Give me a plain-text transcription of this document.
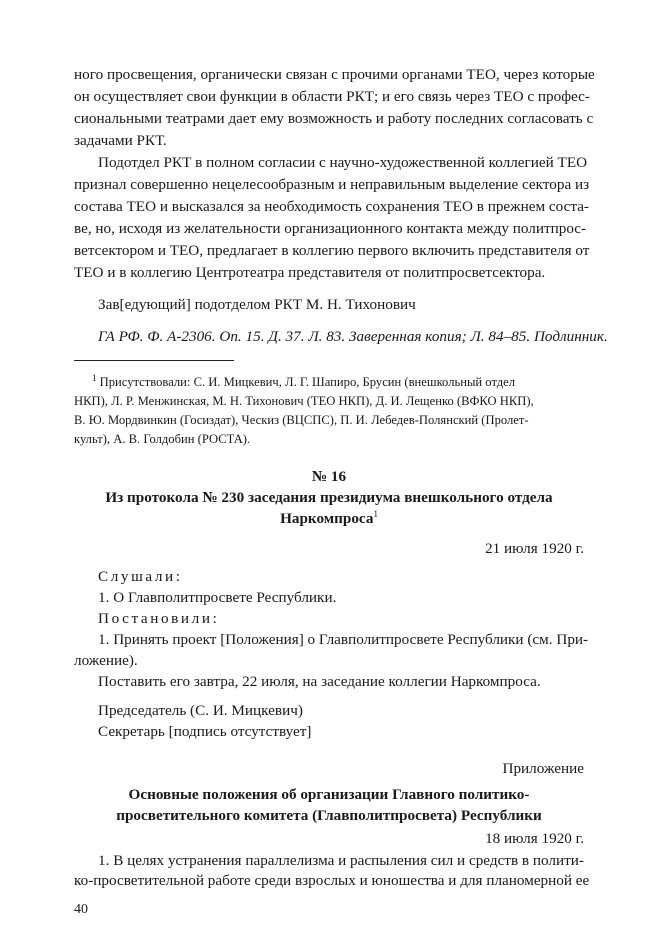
ного просвещения, органически связан с прочими органами ТЕО, через которые
он осуществляет свои функции в области РКТ; и его связь через ТЕО с профес-
сиональными театрами дает ему возможность и работу последних согласовать с
задачами РКТ.
Подотдел РКТ в полном согласии с научно-художественной коллегией ТЕО
признал совершенно нецелесообразным и неправильным выделение сектора из
состава ТЕО и высказался за необходимость сохранения ТЕО в прежнем соста-
ве, но, исходя из желательности организационного контакта между политпрос-
ветсектором и ТЕО, предлагает в коллегию первого включить представителя от
ТЕО и в коллегию Центротеатра представителя от политпросветсектора.
Зав[едующий] подотделом РКТ М. Н. Тихонович
ГА РФ. Ф. А-2306. Оп. 15. Д. 37. Л. 83. Заверенная копия; Л. 84–85. Подлинник.
$^1$ Присутствовали: С. И. Мицкевич, Л. Г. Шапиро, Брусин (внешкольный отдел
НКП), Л. Р. Менжинская, М. Н. Тихонович (ТЕО НКП), Д. И. Лещенко (ВФКО НКП),
В. Ю. Мордвинкин (Госиздат), Ческиз (ВЦСПС), П. И. Лебедев-Полянский (Пролет-
культ), А. В. Голдобин (РОСТА).
№ 16
Из протокола № 230 заседания президиума внешкольного отдела
Наркомпроса$^1$
21 июля 1920 г.
Слушали:
1. О Главполитпросвете Республики.
Постановили:
1. Принять проект [Положения] о Главполитпросвете Республики (см. При-
ложение).
Поставить его завтра, 22 июля, на заседание коллегии Наркомпроса.
Председатель (С. И. Мицкевич)
Секретарь [подпись отсутствует]
Приложение
Основные положения об организации Главного политико-
просветительного комитета (Главполитпросвета) Республики
40
18 июля 1920 г.
1. В целях устранения параллелизма и распыления сил и средств в полити-
ко-просветительной работе среди взрослых и юношества и для планомерной ее
